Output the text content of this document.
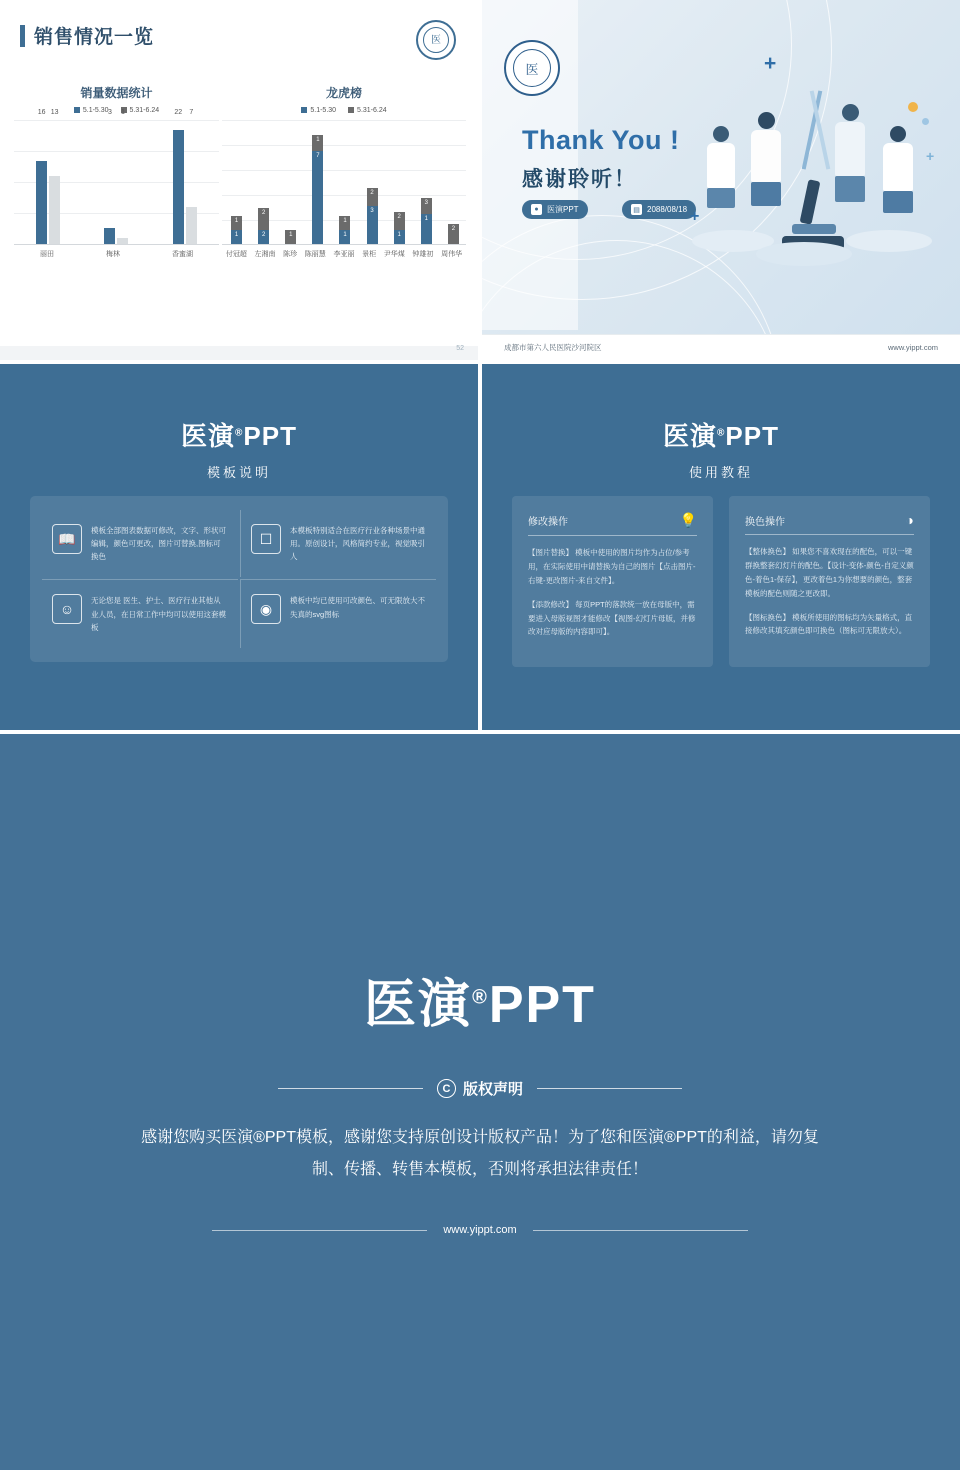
销售情况一览	医
销量数据统计
5.1-5.30	5.31-6.24
16 13	3 1	22 7
丽田	梅林	香蜜湖
龙虎榜
5.1-5.30	5.31-6.24
1
1
2
2	1
1
7
1
1
2
3
2
1
3
1
2
付冠超 左湘南 陈珍 陈丽慧 李亚丽 景柜 尹华煤 钟雄初 周伟华
52
医
Thank You !
感谢聆听！
●	医演PPT	▤ 2088/08/18
+
+
+
成都市第六人民医院沙河院区	www.yippt.com
医演®PPT
模板说明
📖
模板全部图表数据可修改，文字、形状可编辑，颜色可更改，图片可替换,图标可换色
☐
本模板特别适合在医疗行业各种场景中通用。原创设计，风格简约专业，视觉吸引人
☺
无论您是 医生、护士、医疗行业其他从业人员，在日常工作中均可以使用这套模板
◉
模板中均已使用可改颜色、可无限放大不失真的svg图标
医演®PPT
使用教程
修改操作	💡

【图片替换】 模板中使用的图片均作为占位/参考用，在实际使用中请替换为自己的图片【点击图片-右键-更改图片-来自文件】。

【添款修改】 每页PPT的落款统一放在母版中，需要进入母版视图才能修改【视图-幻灯片母版，并修改对应母版的内容即可】。

换色操作	◑

【整体换色】 如果您不喜欢现在的配色，可以一键群换整套幻灯片的配色。【设计-变体-颜色-自定义颜色-着色1-保存】，更改着色1为你想要的颜色，整套模板的配色则随之更改即。

【图标换色】 模板所使用的图标均为矢量格式，直接修改其填充颜色即可换色（图标可无限放大）。

医演®PPT
C 版权声明
感谢您购买医演®PPT模板，感谢您支持原创设计版权产品！为了您和医演®PPT的利益，请勿复制、传播、转售本模板，否则将承担法律责任！
www.yippt.com
